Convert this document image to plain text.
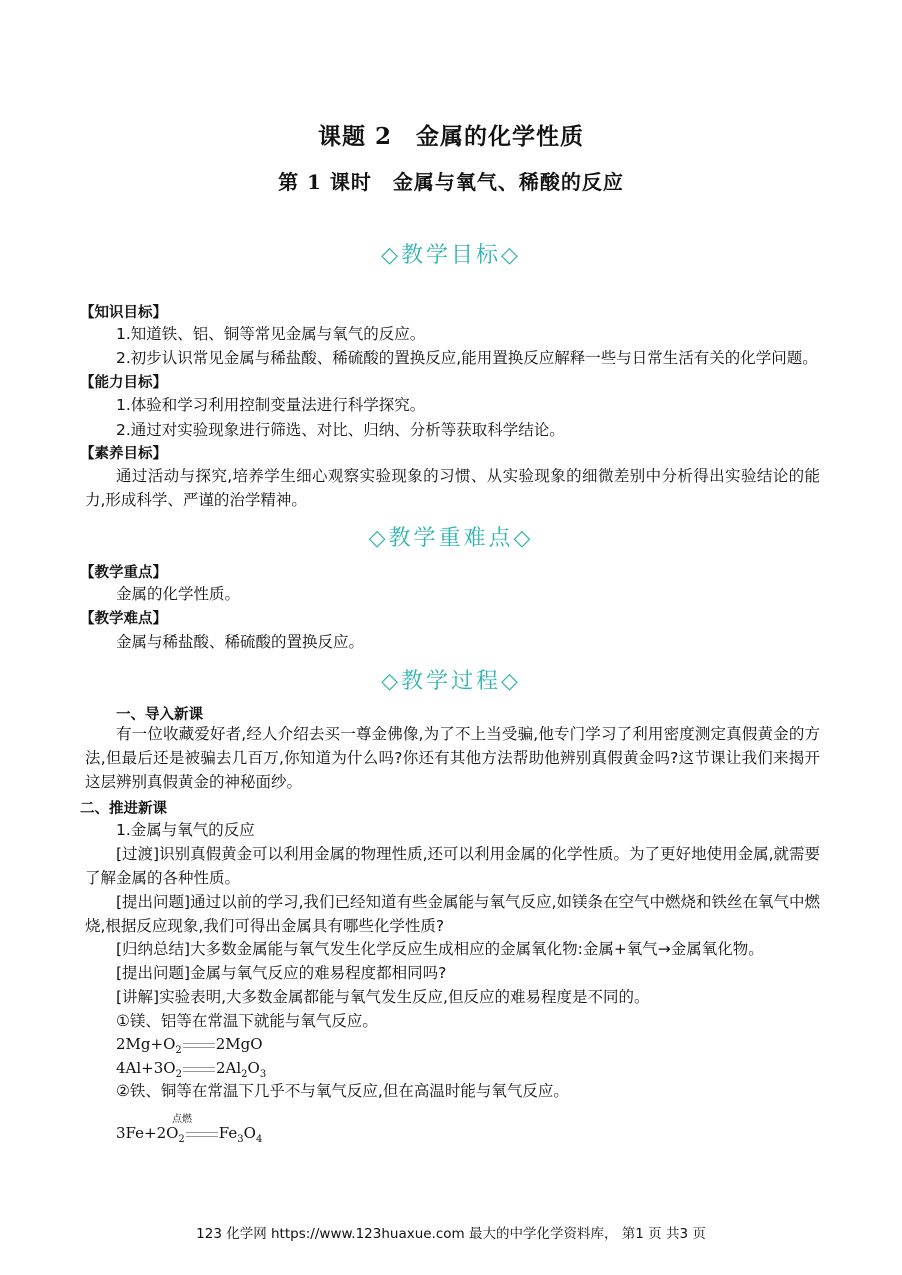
课题 2　金属的化学性质
第 1 课时　金属与氧气、稀酸的反应
◇教学目标◇
【知识目标】
1.知道铁、铝、铜等常见金属与氧气的反应。
2.初步认识常见金属与稀盐酸、稀硫酸的置换反应,能用置换反应解释一些与日常生活有关的化学问题。
【能力目标】
1.体验和学习利用控制变量法进行科学探究。
2.通过对实验现象进行筛选、对比、归纳、分析等获取科学结论。
【素养目标】
通过活动与探究,培养学生细心观察实验现象的习惯、从实验现象的细微差别中分析得出实验结论的能力,形成科学、严谨的治学精神。
◇教学重难点◇
【教学重点】
金属的化学性质。
【教学难点】
金属与稀盐酸、稀硫酸的置换反应。
◇教学过程◇
一、导入新课
有一位收藏爱好者,经人介绍去买一尊金佛像,为了不上当受骗,他专门学习了利用密度测定真假黄金的方法,但最后还是被骗去几百万,你知道为什么吗?你还有其他方法帮助他辨别真假黄金吗?这节课让我们来揭开这层辨别真假黄金的神秘面纱。
二、推进新课
1.金属与氧气的反应
[过渡]识别真假黄金可以利用金属的物理性质,还可以利用金属的化学性质。为了更好地使用金属,就需要了解金属的各种性质。
[提出问题]通过以前的学习,我们已经知道有些金属能与氧气反应,如镁条在空气中燃烧和铁丝在氧气中燃烧,根据反应现象,我们可得出金属具有哪些化学性质?
[归纳总结]大多数金属能与氧气发生化学反应生成相应的金属氧化物:金属+氧气→金属氧化物。
[提出问题]金属与氧气反应的难易程度都相同吗?
[讲解]实验表明,大多数金属都能与氧气发生反应,但反应的难易程度是不同的。
①镁、铝等在常温下就能与氧气反应。
$2Mg+O_2$ 2MgO
$4Al+3O_2$ $2Al_2O_3$
②铁、铜等在常温下几乎不与氧气反应,但在高温时能与氧气反应。
点燃
$3Fe+2O_2$ $Fe_3O_4$
123 化学网 https://www.123huaxue.com 最大的中学化学资料库， 第1 页 共3 页
